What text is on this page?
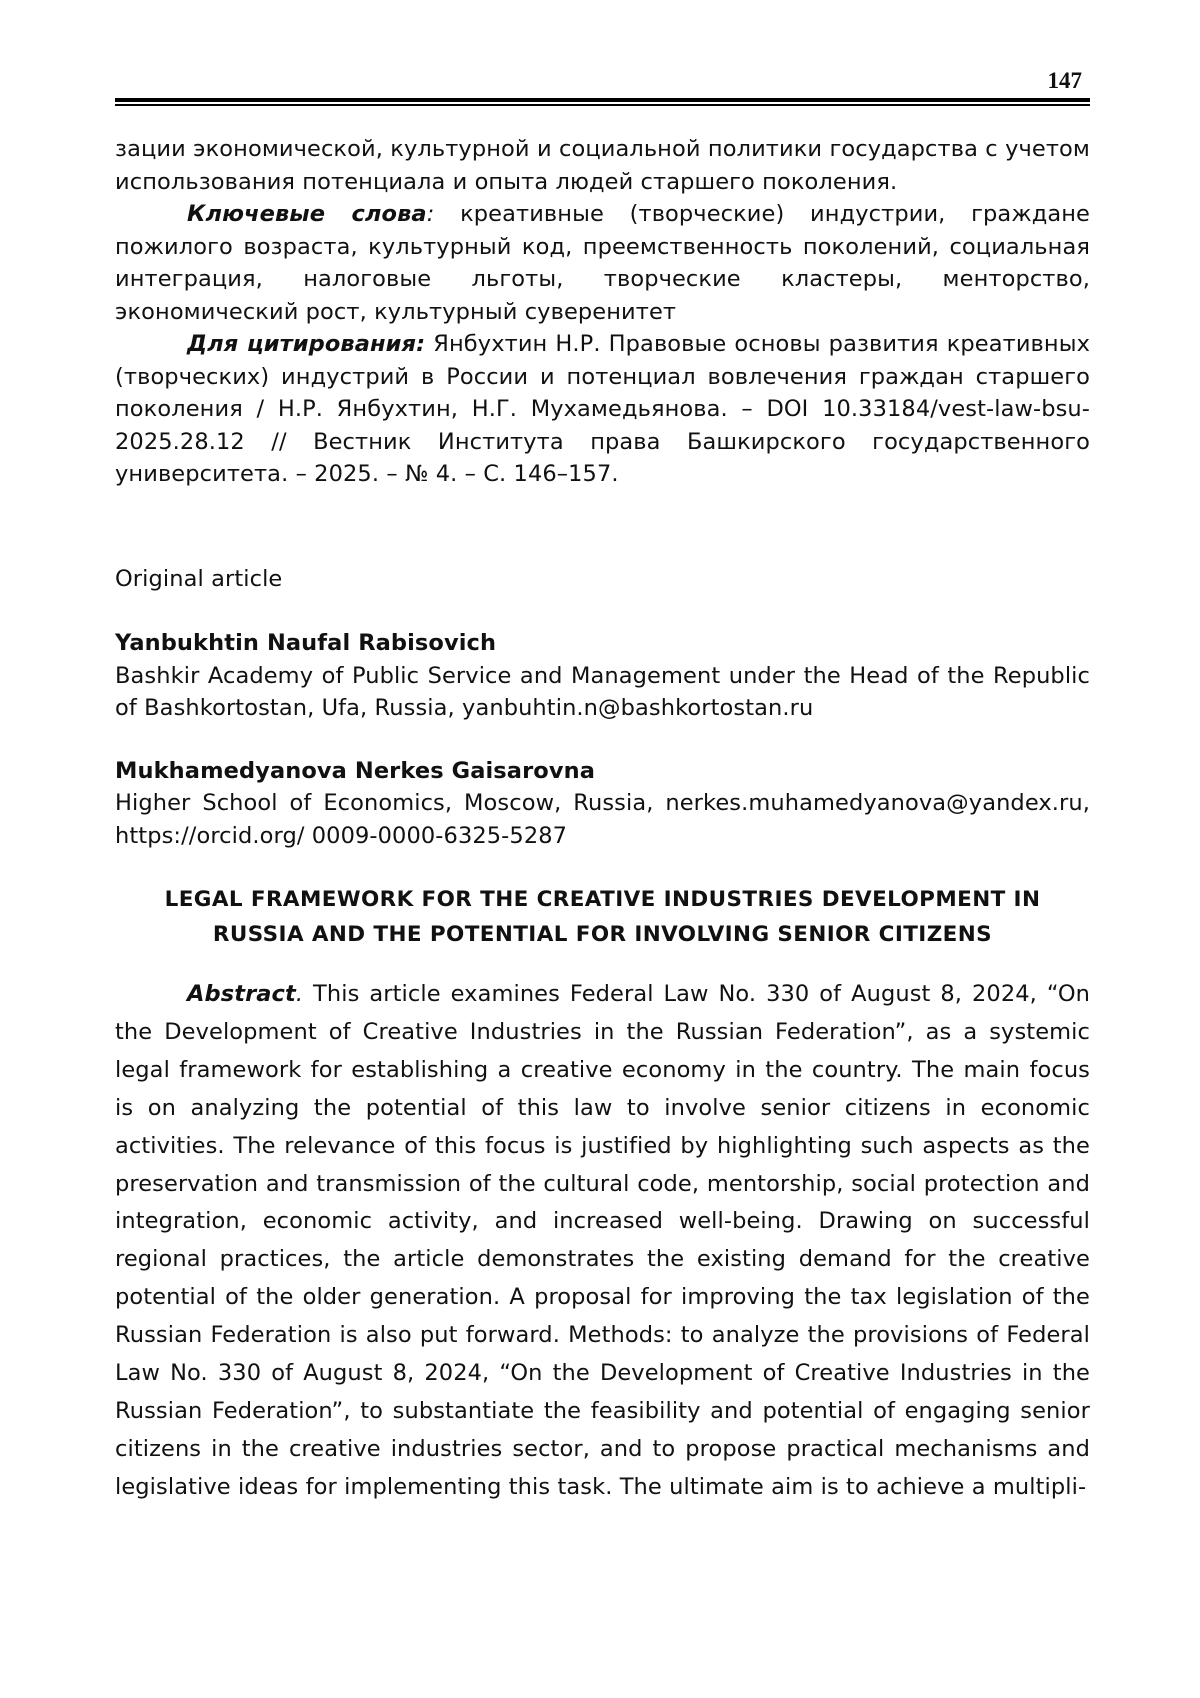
147

зации экономической, культурной и социальной политики государства с учетом использования потенциала и опыта людей старшего поколения.

Ключевые слова: креативные (творческие) индустрии, граждане пожилого возраста, культурный код, преемственность поколений, социальная интеграция, налоговые льготы, творческие кластеры, менторство, экономический рост, культурный суверенитет

Для цитирования: Янбухтин Н.Р. Правовые основы развития креативных (творческих) индустрий в России и потенциал вовлечения граждан старшего поколения / Н.Р. Янбухтин, Н.Г. Мухамедьянова. – DOI 10.33184/vest-law-bsu-2025.28.12 // Вестник Института права Башкирского государственного университета. – 2025. – № 4. – С. 146–157.

Original article

Yanbukhtin Naufal Rabisovich

Bashkir Academy of Public Service and Management under the Head of the Republic of Bashkortostan, Ufa, Russia, yanbuhtin.n@bashkortostan.ru

Mukhamedyanova Nerkes Gaisarovna

Higher School of Economics, Moscow, Russia, nerkes.muhamedyanova@yandex.ru, https://orcid.org/ 0009-0000-6325-5287

LEGAL FRAMEWORK FOR THE CREATIVE INDUSTRIES DEVELOPMENT IN RUSSIA AND THE POTENTIAL FOR INVOLVING SENIOR CITIZENS

Abstract. This article examines Federal Law No. 330 of August 8, 2024, “On the Development of Creative Industries in the Russian Federation”, as a systemic legal framework for establishing a creative economy in the country. The main focus is on analyzing the potential of this law to involve senior citizens in economic activities. The relevance of this focus is justified by highlighting such aspects as the preservation and transmission of the cultural code, mentorship, social protection and integration, economic activity, and increased well-being. Drawing on successful regional practices, the article demonstrates the existing demand for the creative potential of the older generation. A proposal for improving the tax legislation of the Russian Federation is also put forward. Methods: to analyze the provisions of Federal Law No. 330 of August 8, 2024, “On the Development of Creative Industries in the Russian Federation”, to substantiate the feasibility and potential of engaging senior citizens in the creative industries sector, and to propose practical mechanisms and legislative ideas for implementing this task. The ultimate aim is to achieve a multipli-
